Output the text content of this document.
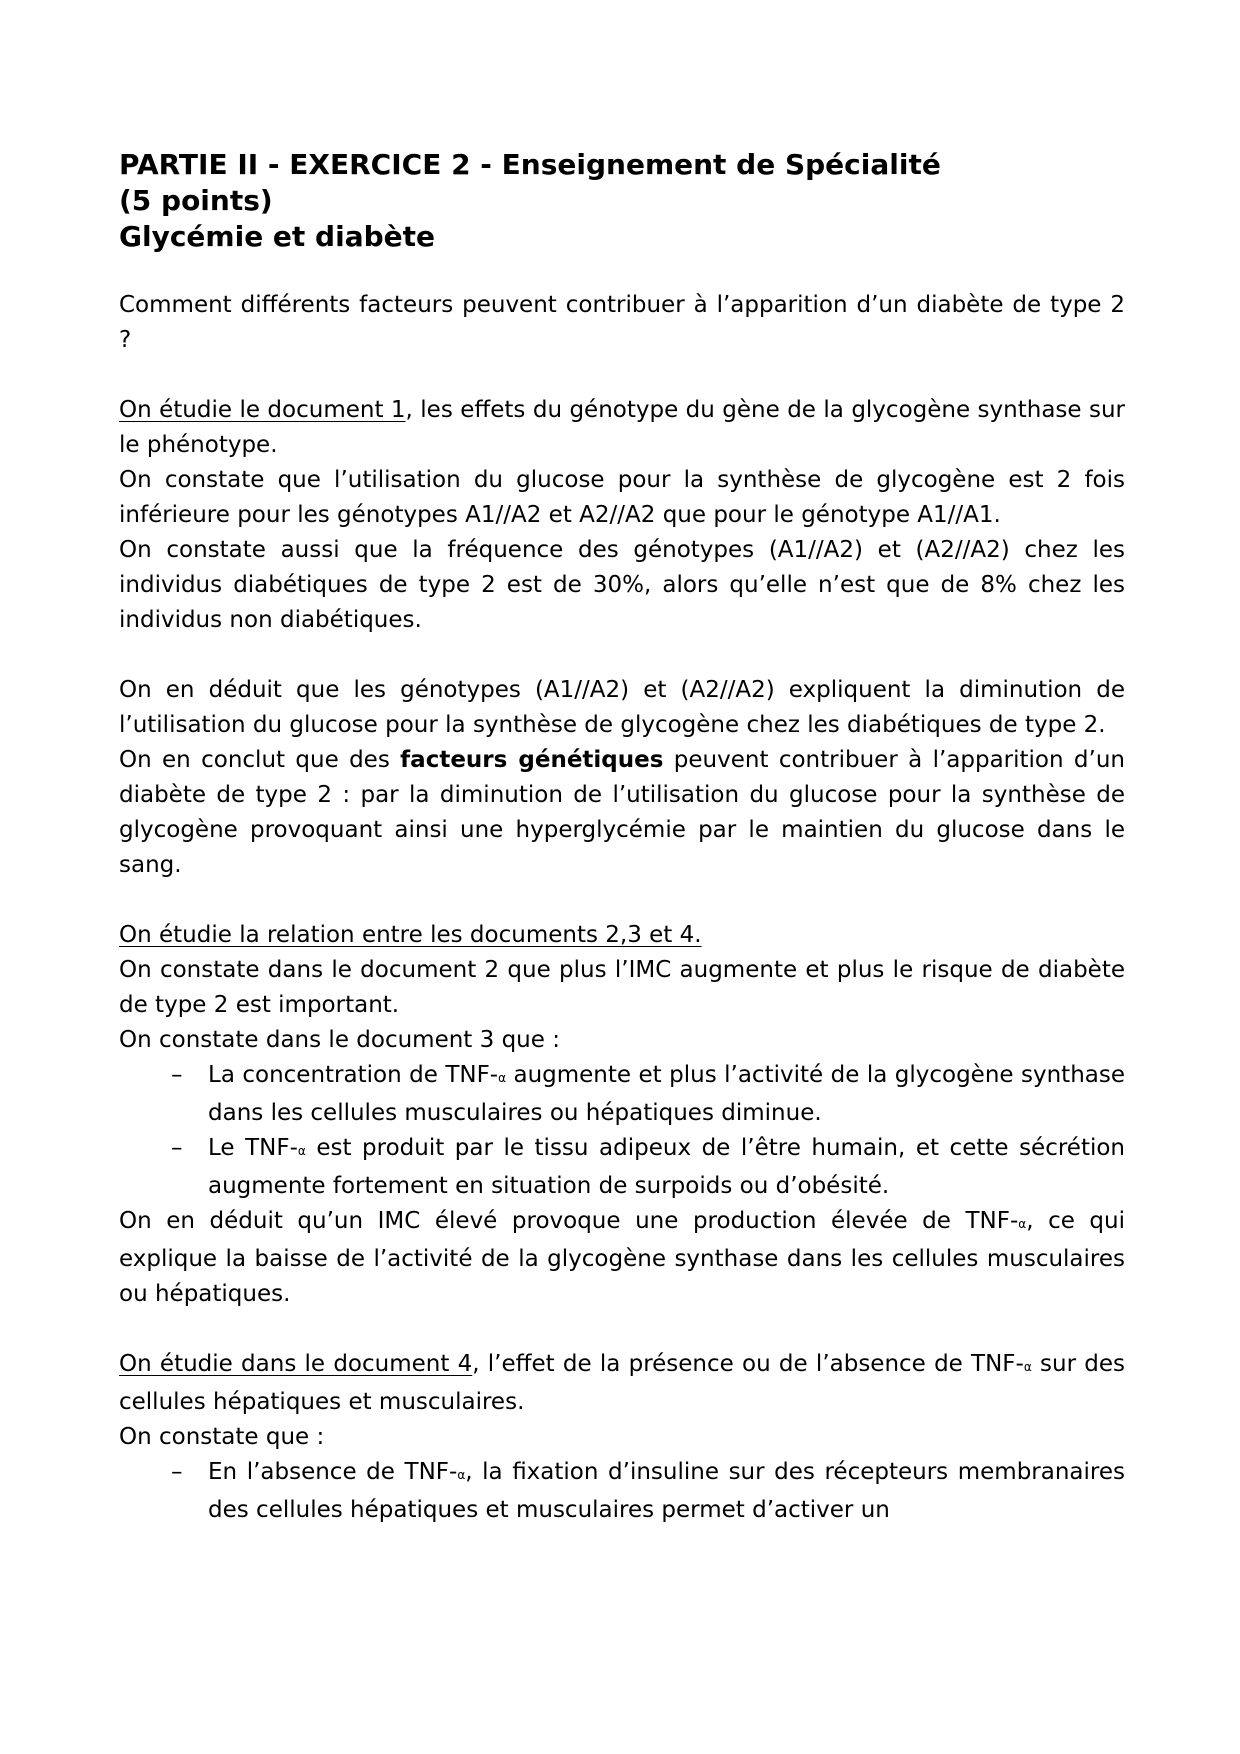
PARTIE II - EXERCICE 2 - Enseignement de Spécialité
(5 points)
Glycémie et diabète

Comment différents facteurs peuvent contribuer à l’apparition d’un diabète de type 2 ?

On étudie le document 1, les effets du génotype du gène de la glycogène synthase sur le phénotype.

On constate que l’utilisation du glucose pour la synthèse de glycogène est 2 fois inférieure pour les génotypes A1//A2 et A2//A2 que pour le génotype A1//A1.

On constate aussi que la fréquence des génotypes (A1//A2) et (A2//A2) chez les individus diabétiques de type 2 est de 30%, alors qu’elle n’est que de 8% chez les individus non diabétiques.

On en déduit que les génotypes (A1//A2) et (A2//A2) expliquent la diminution de l’utilisation du glucose pour la synthèse de glycogène chez les diabétiques de type 2.

On en conclut que des facteurs génétiques peuvent contribuer à l’apparition d’un diabète de type 2 : par la diminution de l’utilisation du glucose pour la synthèse de glycogène provoquant ainsi une hyperglycémie par le maintien du glucose dans le sang.

On étudie la relation entre les documents 2,3 et 4.

On constate dans le document 2 que plus l’IMC augmente et plus le risque de diabète de type 2 est important.

On constate dans le document 3 que :

–	La concentration de TNF-α augmente et plus l’activité de la glycogène synthase dans les cellules musculaires ou hépatiques diminue.
–	Le TNF-α est produit par le tissu adipeux de l’être humain, et cette sécrétion augmente fortement en situation de surpoids ou d’obésité.

On en déduit qu’un IMC élevé provoque une production élevée de TNF-α, ce qui explique la baisse de l’activité de la glycogène synthase dans les cellules musculaires ou hépatiques.

On étudie dans le document 4, l’effet de la présence ou de l’absence de TNF-α sur des cellules hépatiques et musculaires.

On constate que :

–	En l’absence de TNF-α, la fixation d’insuline sur des récepteurs membranaires des cellules hépatiques et musculaires permet d’activer un
